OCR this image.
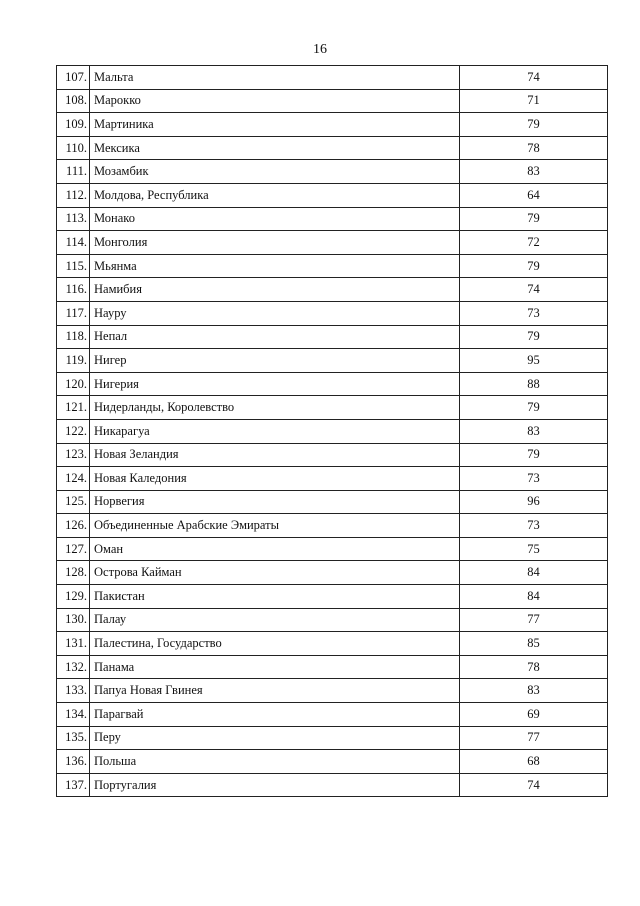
16
107.	Мальта	74
108.	Марокко	71
109.	Мартиника	79
110.	Мексика	78
111.	Мозамбик	83
112.	Молдова, Республика	64
113.	Монако	79
114.	Монголия	72
115.	Мьянма	79
116.	Намибия	74
117.	Науру	73
118.	Непал	79
119.	Нигер	95
120.	Нигерия	88
121.	Нидерланды, Королевство	79
122.	Никарагуа	83
123.	Новая Зеландия	79
124.	Новая Каледония	73
125.	Норвегия	96
126.	Объединенные Арабские Эмираты	73
127.	Оман	75
128.	Острова Кайман	84
129.	Пакистан	84
130.	Палау	77
131.	Палестина, Государство	85
132.	Панама	78
133.	Папуа Новая Гвинея	83
134.	Парагвай	69
135.	Перу	77
136.	Польша	68
137.	Португалия	74
